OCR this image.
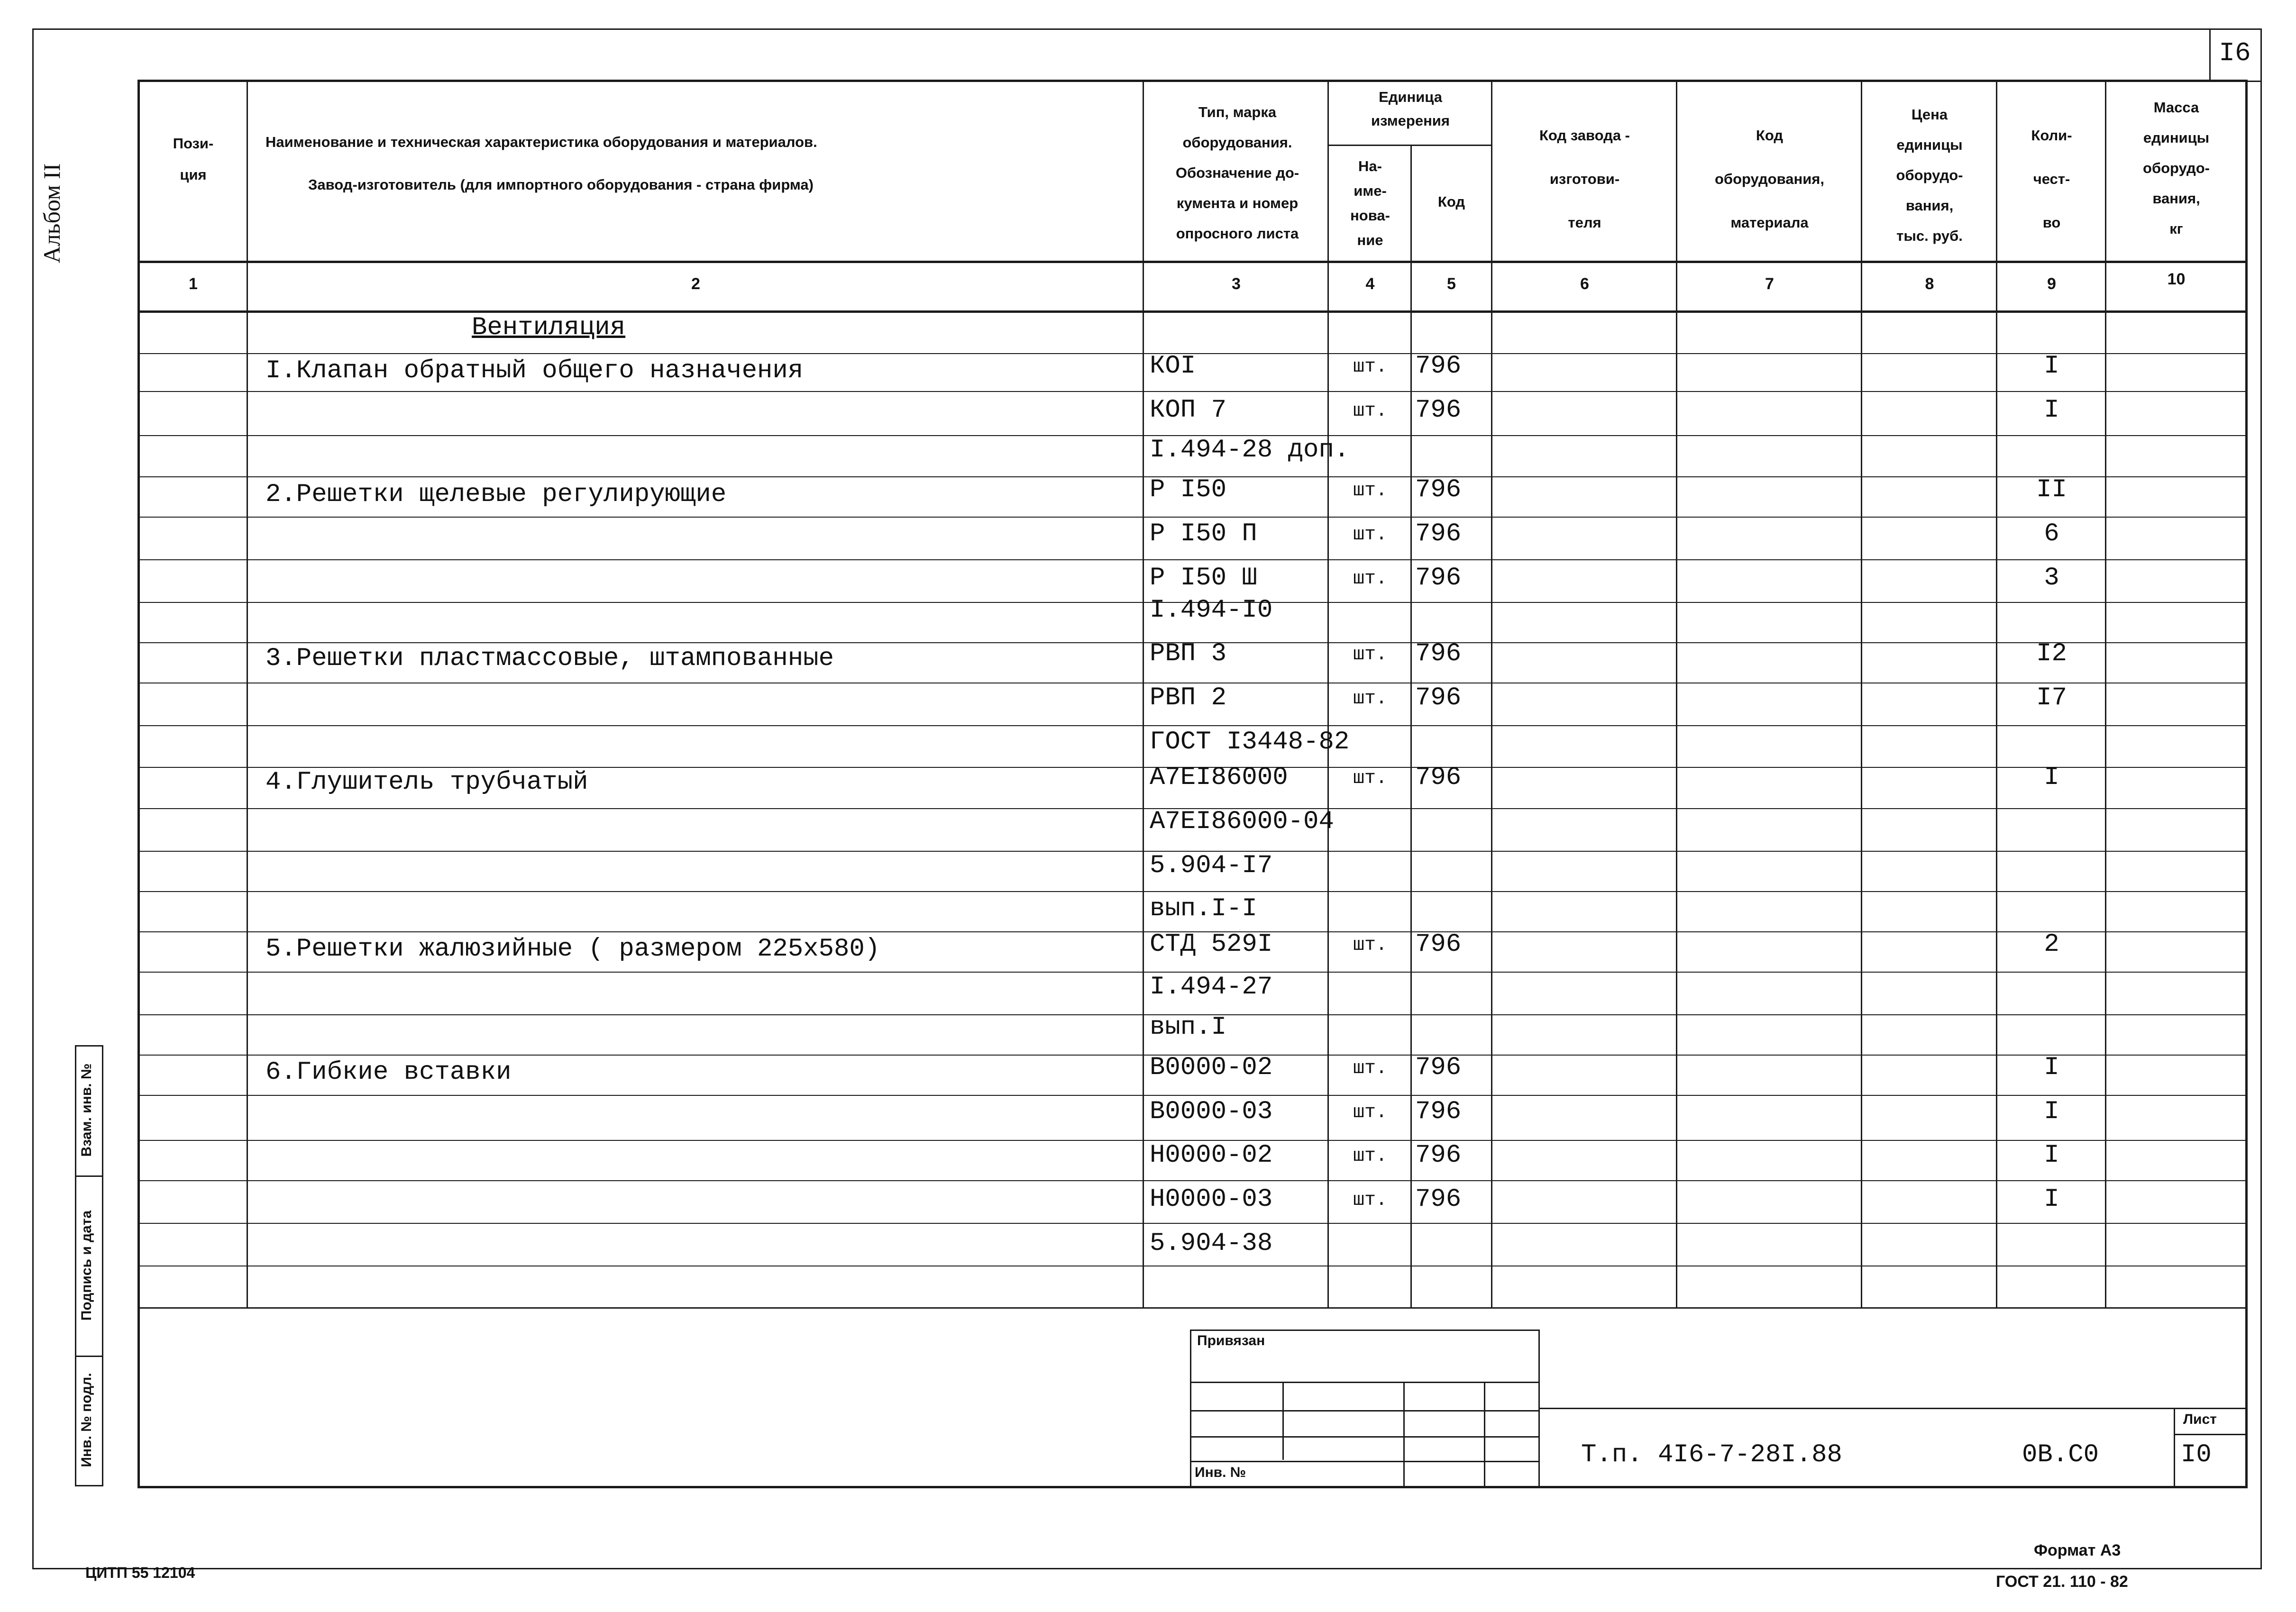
I6
Альбом II
Пози-
ция
Наименование и техническая характеристика оборудования и материалов.
Завод-изготовитель (для импортного оборудования - страна фирма)
Тип, марка
оборудования.
Обозначение до-
кумента и номер
опросного листа
Единица
измерения
На-
име-
нова-
ние
Код
Код завода -
изготови-
теля
Код
оборудования,
материала
Цена
единицы
оборудо-
вания,
тыс. руб.
Коли-
чест-
во
Масса
единицы
оборудо-
вания,
кг
1	2	3	4	5	6	7	8	9	10
Вентиляция
I.Клапан обратный общего назначения	КОI	шт.	796	I
КОП 7	шт.	796	I
I.494-28 доп.
2.Решетки щелевые регулирующие	Р I50	шт.	796	II
Р I50 П	шт.	796	6
Р I50 Ш	шт.	796	3
I.494-I0
3.Решетки пластмассовые, штампованные	РВП 3	шт.	796	I2
РВП 2	шт.	796	I7
ГОСТ I3448-82
4.Глушитель трубчатый	А7ЕI86000	шт.	796	I
А7ЕI86000-04
5.904-I7
вып.I-I
5.Решетки жалюзийные ( размером 225х580)	СТД 529I	шт.	796	2
I.494-27
вып.I
6.Гибкие вставки	В0000-02	шт.	796	I
В0000-03	шт.	796	I
Н0000-02	шт.	796	I
Н0000-03	шт.	796	I
5.904-38
Взам. инв. №
Подпись и дата
Инв. № подл.
Привязан
Инв. №
Т.п. 4I6-7-28I.88	0В.С0
Лист
I0
Формат А3
ГОСТ 21. 110 - 82
ЦИТП 55 12104
